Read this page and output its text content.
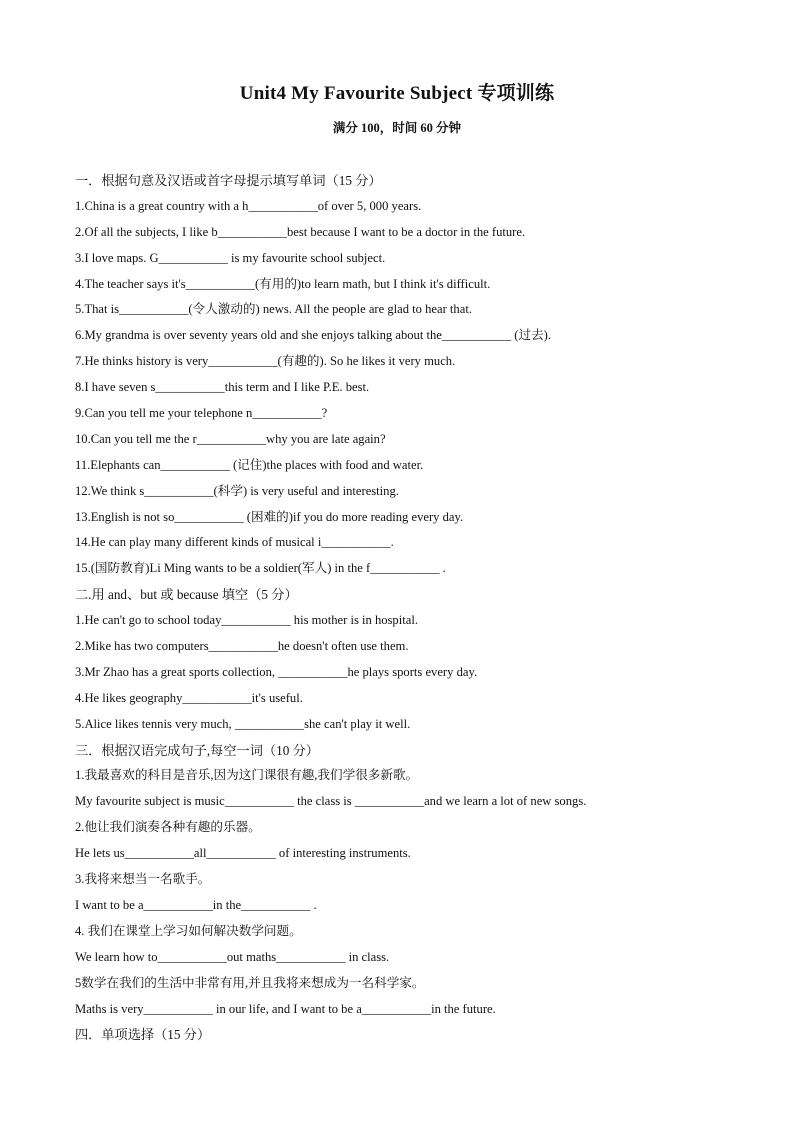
Unit4 My Favourite Subject 专项训练
满分 100，时间 60 分钟
一．根据句意及汉语或首字母提示填写单词（15 分）
1.China is a great country with a h___________of over 5, 000 years.
2.Of all the subjects, I like b___________best because I want to be a doctor in the future.
3.I love maps. G___________ is my favourite school subject.
4.The teacher says it's___________(有用的)to learn math, but I think it's difficult.
5.That is___________(令人激动的) news. All the people are glad to hear that.
6.My grandma is over seventy years old and she enjoys talking about the___________ (过去).
7.He thinks history is very___________(有趣的). So he likes it very much.
8.I have seven s___________this term and I like P.E. best.
9.Can you tell me your telephone n___________?
10.Can you tell me the r___________why you are late again?
11.Elephants can___________ (记住)the places with food and water.
12.We think s___________(科学) is very useful and interesting.
13.English is not so___________ (困难的)if you do more reading every day.
14.He can play many different kinds of musical i___________.
15.(国防教育)Li Ming wants to be a soldier(军人) in the f___________ .
二.用 and、but 或 because 填空（5 分）
1.He can't go to school today___________ his mother is in hospital.
2.Mike has two computers___________he doesn't often use them.
3.Mr Zhao has a great sports collection, ___________he plays sports every day.
4.He likes geography___________it's useful.
5.Alice likes tennis very much, ___________she can't play it well.
三．根据汉语完成句子,每空一词（10 分）
1.我最喜欢的科目是音乐,因为这门课很有趣,我们学很多新歌。
My favourite subject is music___________ the class is ___________and we learn a lot of new songs.
2.他让我们演奏各种有趣的乐器。
He lets us___________all___________ of interesting instruments.
3.我将来想当一名歌手。
I want to be a___________in the___________ .
4. 我们在课堂上学习如何解决数学问题。
We learn how to___________out maths___________ in class.
5数学在我们的生活中非常有用,并且我将来想成为一名科学家。
Maths is very___________ in our life, and I want to be a___________in the future.
四．单项选择（15 分）
